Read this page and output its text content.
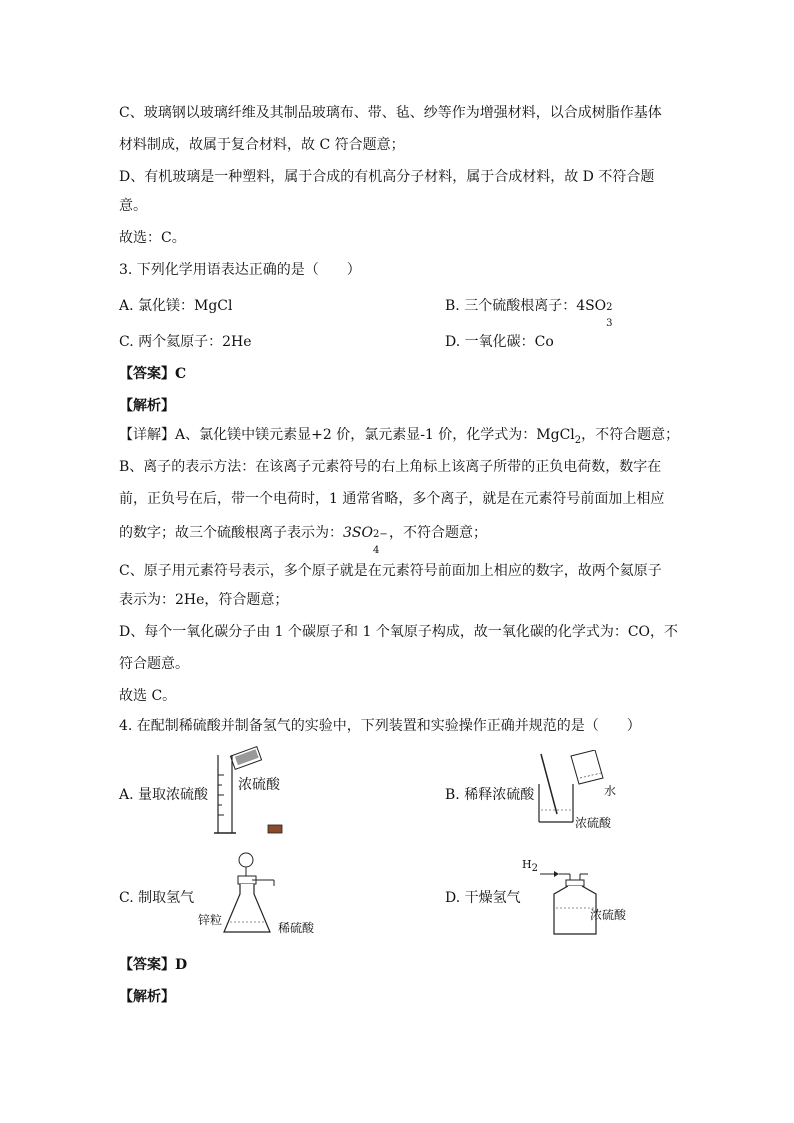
C、玻璃钢以玻璃纤维及其制品玻璃布、带、毡、纱等作为增强材料，以合成树脂作基体
材料制成，故属于复合材料，故 C 符合题意；
D、有机玻璃是一种塑料，属于合成的有机高分子材料，属于合成材料，故 D 不符合题
意。
故选：C。
3. 下列化学用语表达正确的是（　　）
A. 氯化镁：MgCl	B. 三个硫酸根离子：4SO 2
3
C. 两个氦原子：2He	D. 一氧化碳：Co
【答案】C
【解析】
【详解】A、氯化镁中镁元素显+2 价，氯元素显-1 价，化学式为：MgCl$_2$，不符合题意；
B、离子的表示方法：在该离子元素符号的右上角标上该离子所带的正负电荷数，数字在
前，正负号在后，带一个电荷时，1 通常省略，多个离子，就是在元素符号前面加上相应
的数字；故三个硫酸根离子表示为：3SO 2−
4
，不符合题意；
C、原子用元素符号表示，多个原子就是在元素符号前面加上相应的数字，故两个氦原子
表示为：2He，符合题意；
D、每个一氧化碳分子由 1 个碳原子和 1 个氧原子构成，故一氧化碳的化学式为：CO，不
符合题意。
故选 C。
4. 在配制稀硫酸并制备氢气的实验中，下列装置和实验操作正确并规范的是（　　）
A. 量取浓硫酸
浓硫酸
B. 稀释浓硫酸	水
浓硫酸
C. 制取氢气
锌粒
稀硫酸
D. 干燥氢气
$H_2$
浓硫酸
【答案】D
【解析】
